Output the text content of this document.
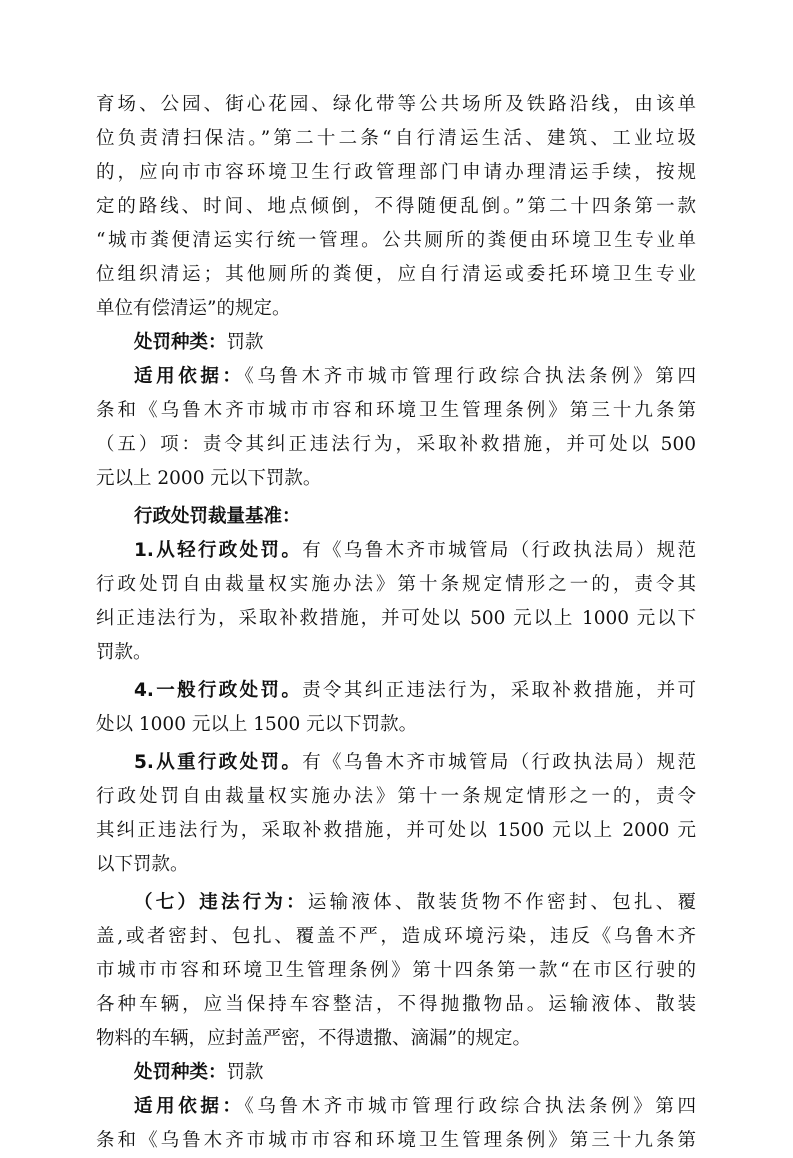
育场、公园、街心花园、绿化带等公共场所及铁路沿线，由该单
位负责清扫保洁。”第二十二条“自行清运生活、建筑、工业垃圾
的，应向市市容环境卫生行政管理部门申请办理清运手续，按规
定的路线、时间、地点倾倒，不得随便乱倒。”第二十四条第一款
“城市粪便清运实行统一管理。公共厕所的粪便由环境卫生专业单
位组织清运；其他厕所的粪便，应自行清运或委托环境卫生专业
单位有偿清运”的规定。
处罚种类：罚款
适用依据：《乌鲁木齐市城市管理行政综合执法条例》第四
条和《乌鲁木齐市城市市容和环境卫生管理条例》第三十九条第
（五）项：责令其纠正违法行为，采取补救措施，并可处以 500
元以上 2000 元以下罚款。
行政处罚裁量基准：
1.从轻行政处罚。有《乌鲁木齐市城管局（行政执法局）规范
行政处罚自由裁量权实施办法》第十条规定情形之一的，责令其
纠正违法行为，采取补救措施，并可处以 500 元以上 1000 元以下
罚款。
4.一般行政处罚。责令其纠正违法行为，采取补救措施，并可
处以 1000 元以上 1500 元以下罚款。
5.从重行政处罚。有《乌鲁木齐市城管局（行政执法局）规范
行政处罚自由裁量权实施办法》第十一条规定情形之一的，责令
其纠正违法行为，采取补救措施，并可处以 1500 元以上 2000 元
以下罚款。
（七）违法行为：运输液体、散装货物不作密封、包扎、覆
盖,或者密封、包扎、覆盖不严，造成环境污染，违反《乌鲁木齐
市城市市容和环境卫生管理条例》第十四条第一款“在市区行驶的
各种车辆，应当保持车容整洁，不得抛撒物品。运输液体、散装
物料的车辆，应封盖严密，不得遗撒、滴漏”的规定。
处罚种类：罚款
适用依据：《乌鲁木齐市城市管理行政综合执法条例》第四
条和《乌鲁木齐市城市市容和环境卫生管理条例》第三十九条第
